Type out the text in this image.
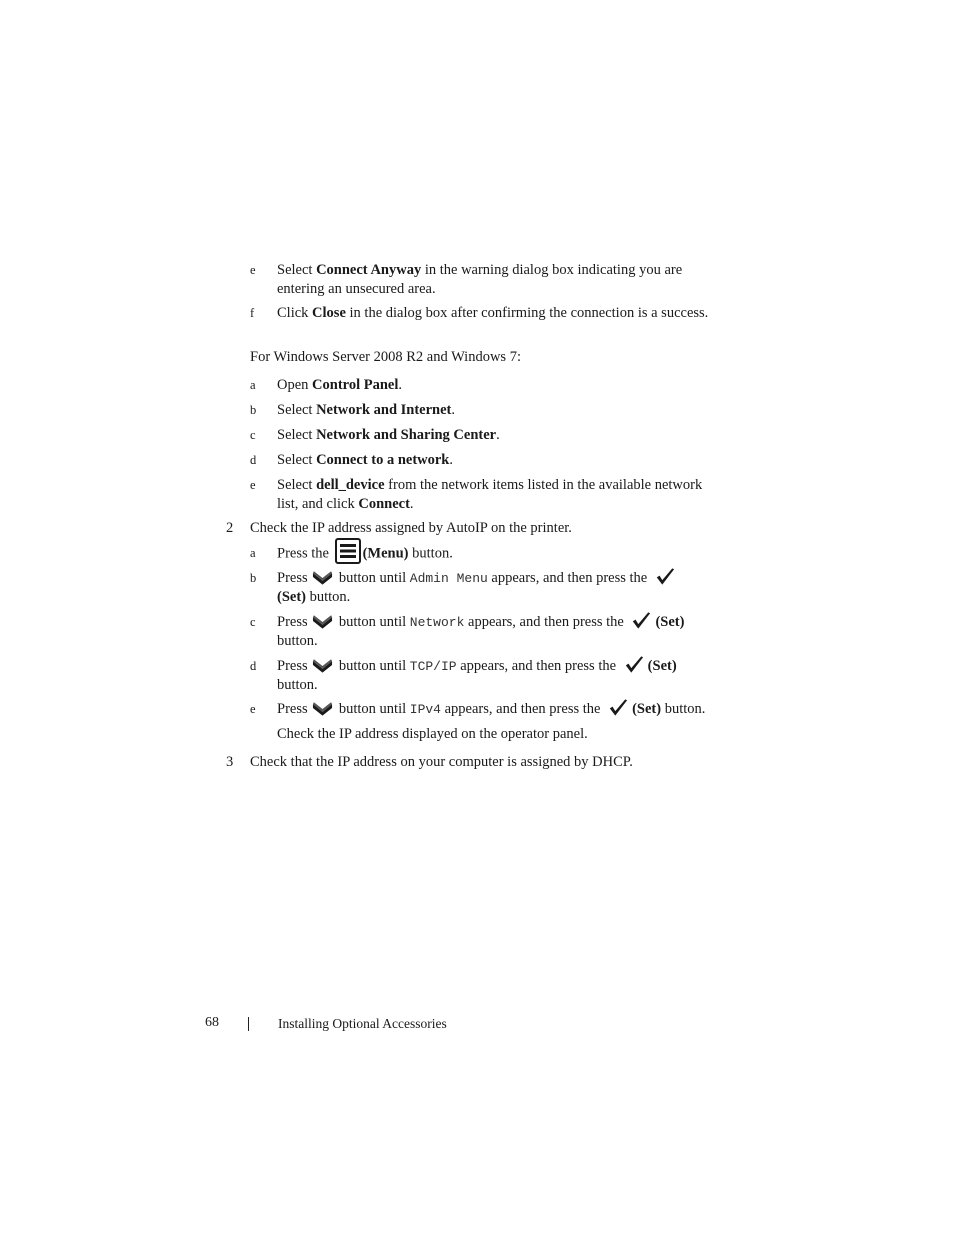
e Select Connect Anyway in the warning dialog box indicating you are entering an unsecured area.
f Click Close in the dialog box after confirming the connection is a success.
For Windows Server 2008 R2 and Windows 7:
a Open Control Panel.
b Select Network and Internet.
c Select Network and Sharing Center.
d Select Connect to a network.
e Select dell_device from the network items listed in the available network list, and click Connect.
2 Check the IP address assigned by AutoIP on the printer.
a Press the
(Menu) button.
b Press
button until Admin Menu appears, and then press the

(Set) button.
c Press
button until Network appears, and then press the
(Set)
button.
d Press
button until TCP/IP appears, and then press the
(Set)
button.
e Press
button until IPv4 appears, and then press the
(Set) button.
Check the IP address displayed on the operator panel.
3 Check that the IP address on your computer is assigned by DHCP.
68	Installing Optional Accessories
